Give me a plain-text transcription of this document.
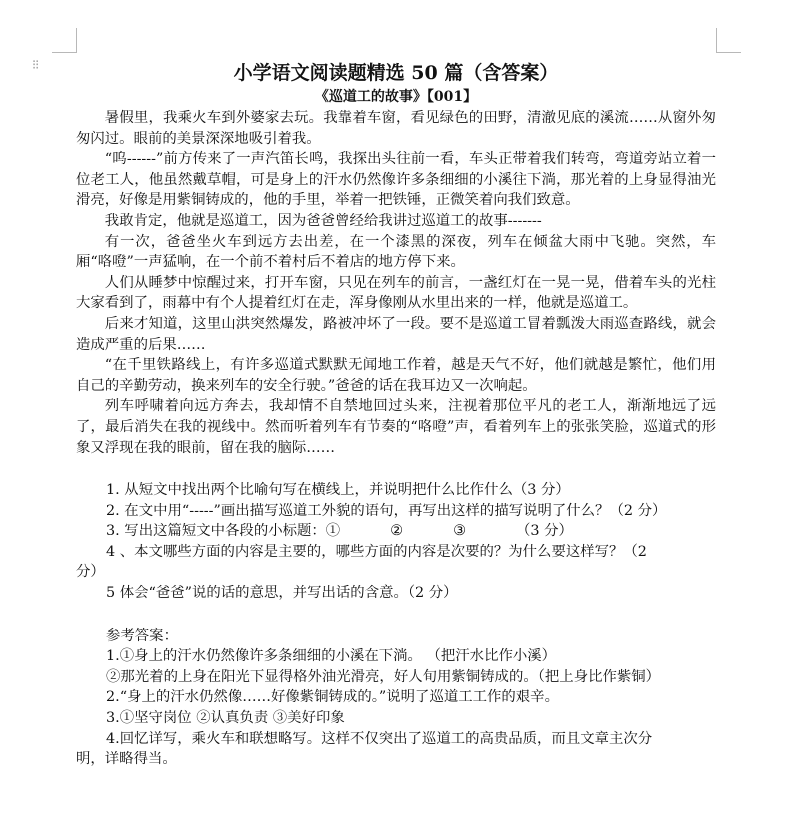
⁝⁝	小学语文阅读题精选 50 篇（含答案）
《巡道工的故事》【001】

暑假里，我乘火车到外婆家去玩。我靠着车窗，看见绿色的田野，清澈见底的溪流……从窗外匆匆闪过。眼前的美景深深地吸引着我。

“呜------”前方传来了一声汽笛长鸣，我探出头往前一看，车头正带着我们转弯，弯道旁站立着一位老工人，他虽然戴草帽，可是身上的汗水仍然像许多条细细的小溪往下淌，那光着的上身显得油光滑亮，好像是用紫铜铸成的，他的手里，举着一把铁锤，正微笑着向我们致意。

我敢肯定，他就是巡道工，因为爸爸曾经给我讲过巡道工的故事-------

有一次，爸爸坐火车到远方去出差，在一个漆黑的深夜，列车在倾盆大雨中飞驰。突然，车厢“咯噔”一声猛响，在一个前不着村后不着店的地方停下来。

人们从睡梦中惊醒过来，打开车窗，只见在列车的前言，一盏红灯在一晃一晃，借着车头的光柱大家看到了，雨幕中有个人提着红灯在走，浑身像刚从水里出来的一样，他就是巡道工。

后来才知道，这里山洪突然爆发，路被冲坏了一段。要不是巡道工冒着瓢泼大雨巡查路线，就会造成严重的后果……

“在千里铁路线上，有许多巡道式默默无闻地工作着，越是天气不好，他们就越是繁忙，他们用自己的辛勤劳动，换来列车的安全行驶。”爸爸的话在我耳边又一次响起。

列车呼啸着向远方奔去，我却情不自禁地回过头来，注视着那位平凡的老工人，渐渐地远了远了，最后消失在我的视线中。然而听着列车有节奏的“咯噔”声，看着列车上的张张笑脸，巡道式的形象又浮现在我的眼前，留在我的脑际……

1. 从短文中找出两个比喻句写在横线上，并说明把什么比作什么（3 分）

2. 在文中用“-----”画出描写巡道工外貌的语句，再写出这样的描写说明了什么？（2 分）

3. 写出这篇短文中各段的小标题：①	②	③	（3 分）

4 、本文哪些方面的内容是主要的，哪些方面的内容是次要的？为什么要这样写？（2
分）

5 体会“爸爸”说的话的意思，并写出话的含意。（2 分）

参考答案：

1.①身上的汗水仍然像许多条细细的小溪在下淌。 （把汗水比作小溪）

②那光着的上身在阳光下显得格外油光滑亮，好人旬用紫铜铸成的。（把上身比作紫铜）

2.“身上的汗水仍然像……好像紫铜铸成的。”说明了巡道工工作的艰辛。

3.①坚守岗位 ②认真负责 ③美好印象

4.回忆详写，乘火车和联想略写。这样不仅突出了巡道工的高贵品质，而且文章主次分
明，详略得当。
